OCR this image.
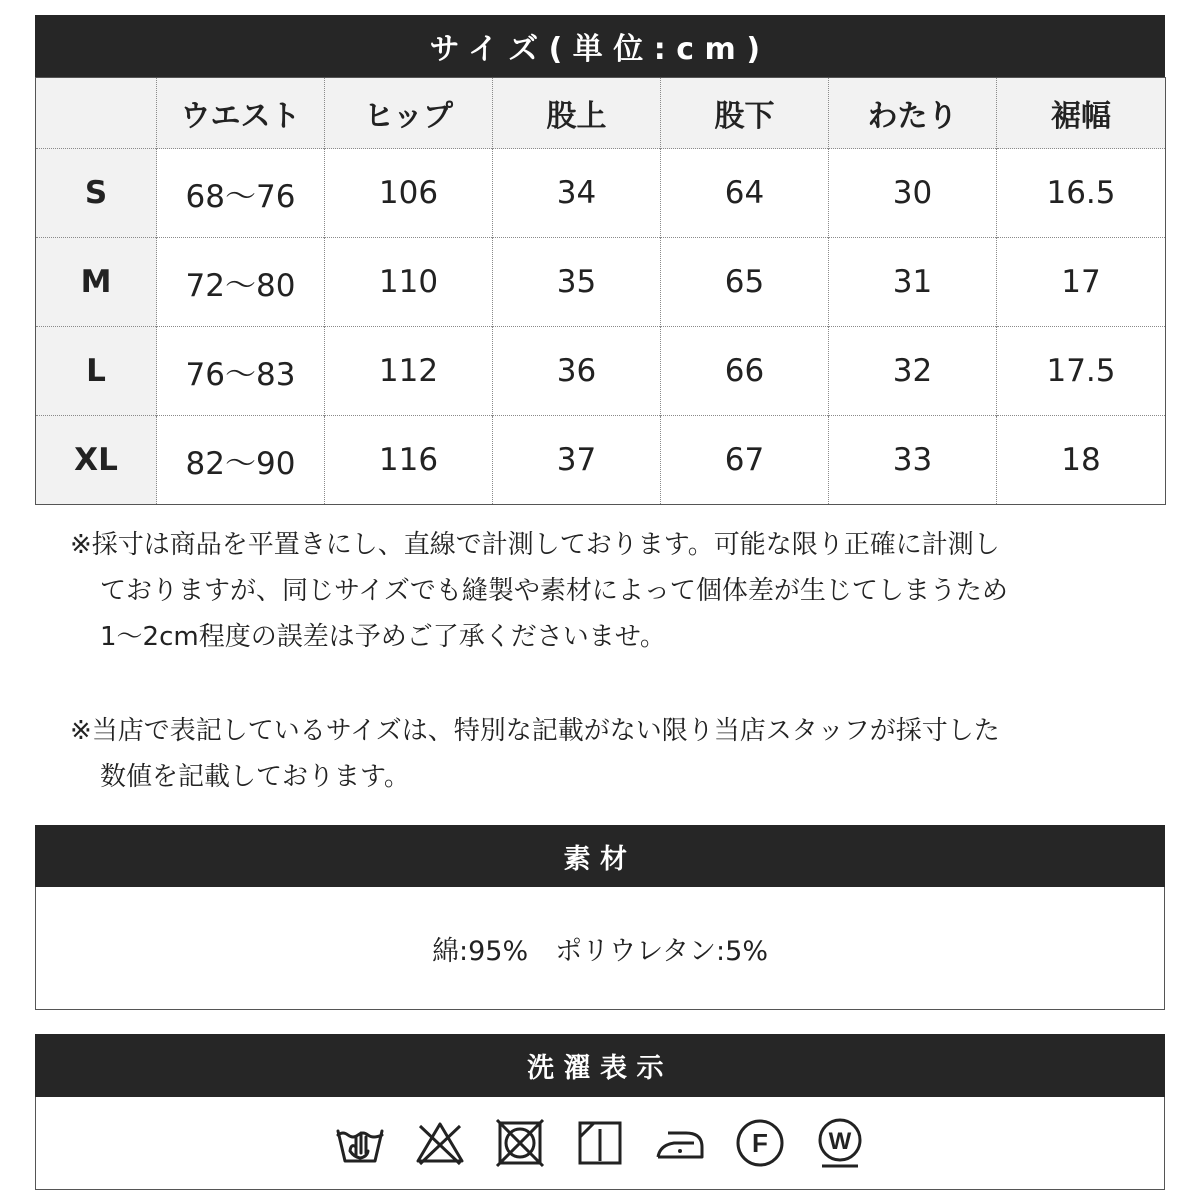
サイズ(単位:cm)
	ウエスト	ヒップ	股上	股下	わたり	裾幅
S	68〜76	106	34	64	30	16.5
M	72〜80	110	35	65	31	17
L	76〜83	112	36	66	32	17.5
XL	82〜90	116	37	67	33	18
※採寸は商品を平置きにし、直線で計測しております。可能な限り正確に計測し
ておりますが、同じサイズでも縫製や素材によって個体差が生じてしまうため
1〜2cm程度の誤差は予めご了承くださいませ。
※当店で表記しているサイズは、特別な記載がない限り当店スタッフが採寸した
数値を記載しております。
素材
綿:95%　ポリウレタン:5%
洗濯表示
F	W
